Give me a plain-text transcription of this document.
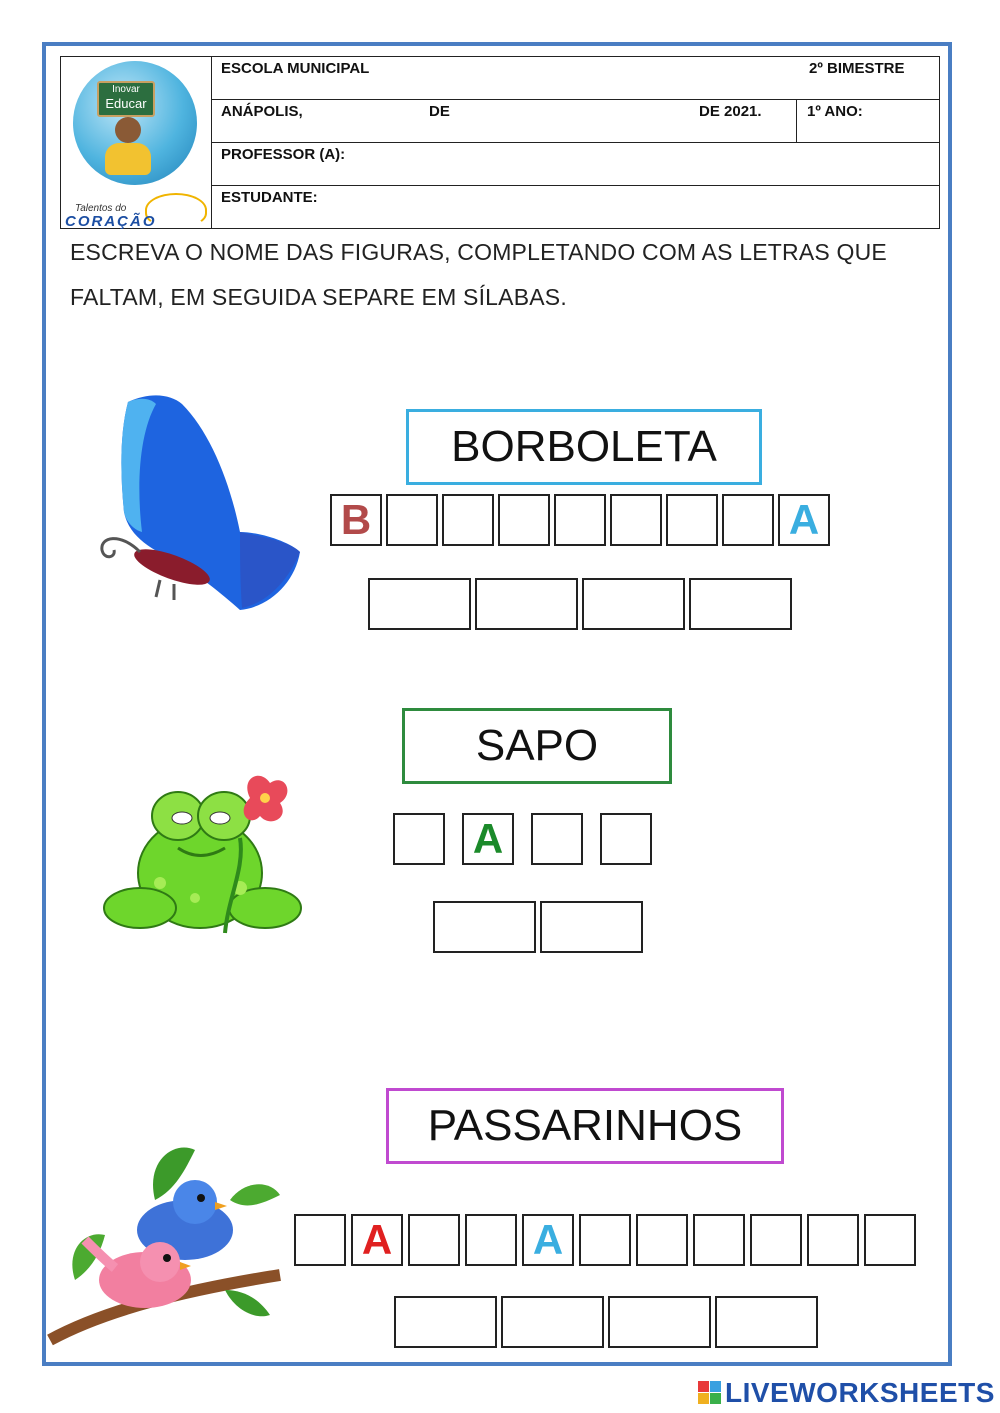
Inovar
Educar
Talentos do
CORAÇÃO
ESCOLA MUNICIPAL	2º BIMESTRE
ANÁPOLIS,	DE	DE 2021.	1º ANO:
PROFESSOR (A):
ESTUDANTE:
ESCREVA O NOME DAS FIGURAS, COMPLETANDO COM AS LETRAS QUE
FALTAM, EM SEGUIDA SEPARE EM SÍLABAS.
BORBOLETA
B	A
SAPO
A
PASSARINHOS
A	A
LIVEWORKSHEETS
